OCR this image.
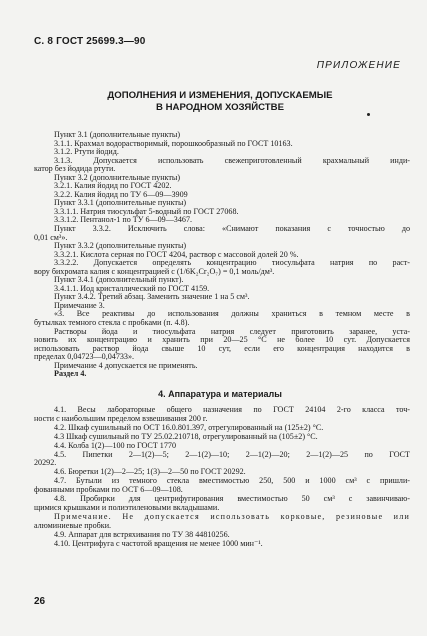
С. 8 ГОСТ 25699.3—90
ПРИЛОЖЕНИЕ
ДОПОЛНЕНИЯ И ИЗМЕНЕНИЯ, ДОПУСКАЕМЫЕ
В НАРОДНОМ ХОЗЯЙСТВЕ

Пункт 3.1 (дополнительные пункты)

3.1.1. Крахмал водорастворимый, порошкообразный по ГОСТ 10163.

3.1.2. Ртути йодид.

3.1.3. Допускается использовать свежеприготовленный крахмальный инди-

катор без йодида ртути.

Пункт 3.2 (дополнительные пункты)

3.2.1. Калия йодид по ГОСТ 4202.

3.2.2. Калия йодид по ТУ 6—09—3909

Пункт 3.3.1 (дополнительные пункты)

3.3.1.1. Натрия тиосульфат 5-водный по ГОСТ 27068.

3.3.1.2. Пентанол-1 по ТУ 6—09—3467.

Пункт 3.3.2. Исключить слова: «Снимают показания с точностью до

0,01 см³».

Пункт 3.3.2 (дополнительные пункты)

3.3.2.1. Кислота серная по ГОСТ 4204, раствор с массовой долей 20 %.

3.3.2.2. Допускается определять концентрацию тиосульфата натрия по раст-

вору бихромата калия с концентрацией с (1/6K₂Cr₂O₇) = 0,1 моль/дм³.

Пункт 3.4.1 (дополнительный пункт).

3.4.1.1. Йод кристаллический по ГОСТ 4159.

Пункт 3.4.2. Третий абзац. Заменить значение 1 на 5 см³.

Примечание 3.

«3. Все реактивы до использования должны храниться в темном месте в

бутылках темного стекла с пробками (п. 4.8).

Растворы йода и тиосульфата натрия следует приготовить заранее, уста-

новить их концентрацию и хранить при 20—25 °С не более 10 сут. Допускается

использовать раствор йода свыше 10 сут, если его концентрация находится в

пределах 0,04723—0,04733».

Примечание 4 допускается не применять.

Раздел 4.

4. Аппаратура и материалы

4.1. Весы лабораторные общего назначения по ГОСТ 24104 2-го класса точ-

ности с наибольшим пределом взвешивания 200 г.

4.2. Шкаф сушильный по ОСТ 16.0.801.397, отрегулированный на (125±2) °С.

4.3 Шкаф сушильный по ТУ 25.02.210718, отрегулированный на (105±2) °С.

4.4. Колба 1(2)—100 по ГОСТ 1770

4.5. Пипетки 2—1(2)—5; 2—1(2)—10; 2—1(2)—20; 2—1(2)—25 по ГОСТ

20292.

4.6. Бюретки 1(2)—2—25; 1(3)—2—50 по ГОСТ 20292.

4.7. Бутыли из темного стекла вместимостью 250, 500 и 1000 см³ с пришли-

фованными пробками по ОСТ 6—09—108.

4.8. Пробирки для центрифугирования вместимостью 50 см³ с завинчиваю-

щимися крышками и полиэтиленовыми вкладышами.

Примечание. Не допускается использовать корковые, резиновые или

алюминиевые пробки.

4.9. Аппарат для встряхивания по ТУ 38 44810256.

4.10. Центрифуга с частотой вращения не менее 1000 мин⁻¹.

26
